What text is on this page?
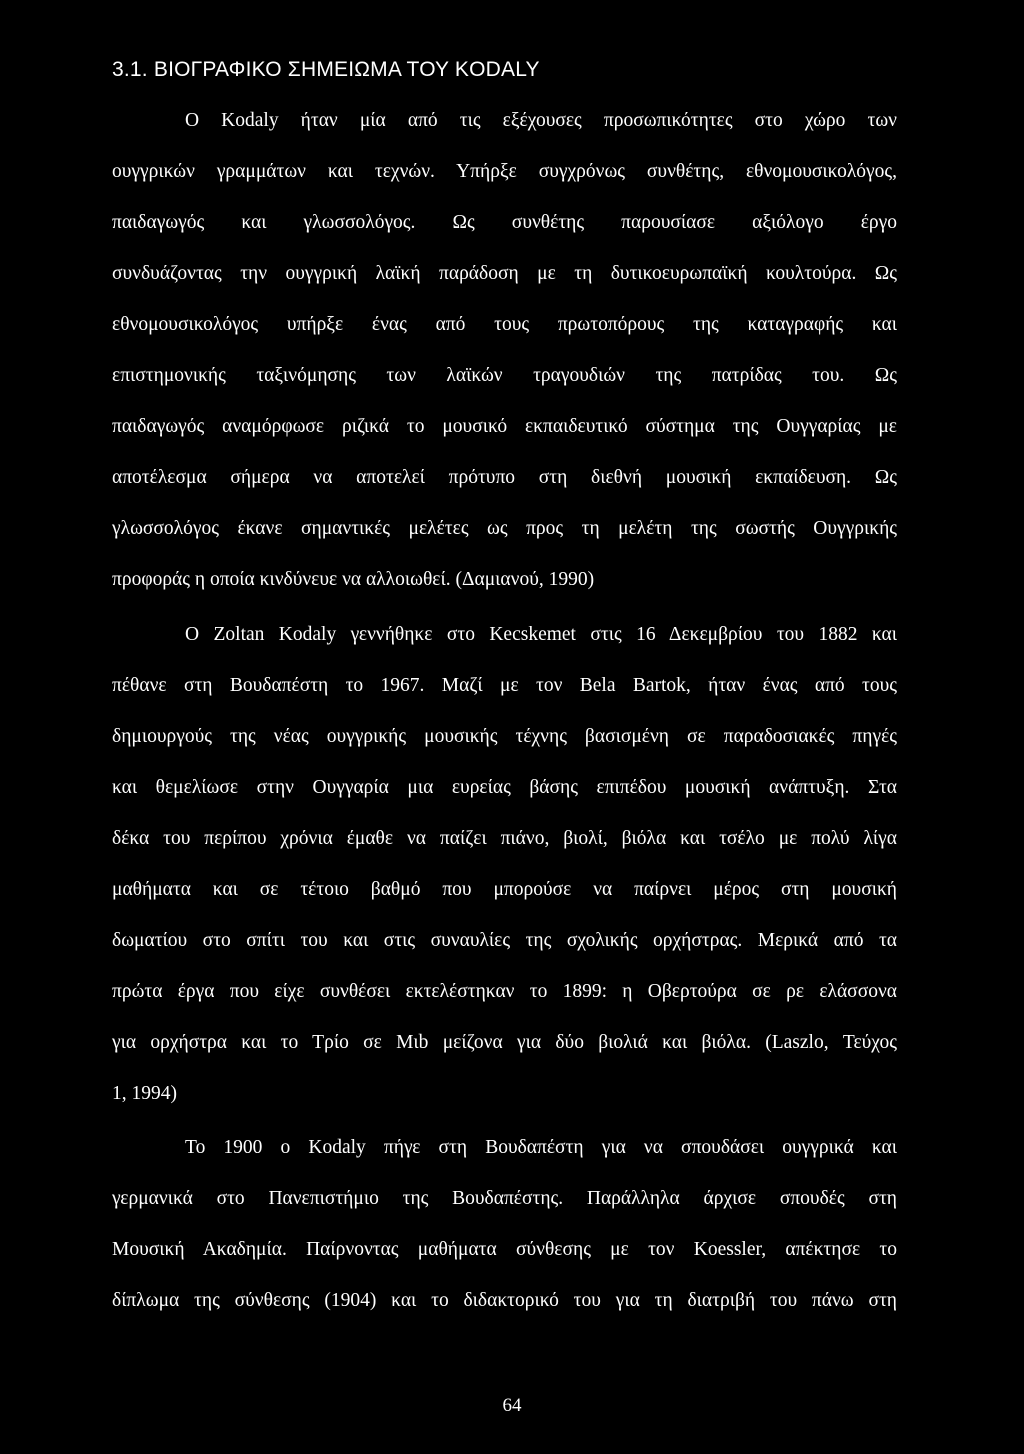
3.1. ΒΙΟΓΡΑΦΙΚΟ ΣΗΜΕΙΩΜΑ ΤΟΥ KODALY
Ο Kodaly ήταν μία από τις εξέχουσες προσωπικότητες στο χώρο των
ουγγρικών γραμμάτων και τεχνών. Υπήρξε συγχρόνως συνθέτης, εθνομουσικολόγος,
παιδαγωγός και γλωσσολόγος. Ως συνθέτης παρουσίασε αξιόλογο έργο
συνδυάζοντας την ουγγρική λαϊκή παράδοση με τη δυτικοευρωπαϊκή κουλτούρα. Ως
εθνομουσικολόγος υπήρξε ένας από τους πρωτοπόρους της καταγραφής και
επιστημονικής ταξινόμησης των λαϊκών τραγουδιών της πατρίδας του. Ως
παιδαγωγός αναμόρφωσε ριζικά το μουσικό εκπαιδευτικό σύστημα της Ουγγαρίας με
αποτέλεσμα σήμερα να αποτελεί πρότυπο στη διεθνή μουσική εκπαίδευση. Ως
γλωσσολόγος έκανε σημαντικές μελέτες ως προς τη μελέτη της σωστής Ουγγρικής
προφοράς η οποία κινδύνευε να αλλοιωθεί. (Δαμιανού, 1990)
Ο Zoltan Kodaly γεννήθηκε στο Kecskemet στις 16 Δεκεμβρίου του 1882 και
πέθανε στη Βουδαπέστη το 1967. Μαζί με τον Bela Bartok, ήταν ένας από τους
δημιουργούς της νέας ουγγρικής μουσικής τέχνης βασισμένη σε παραδοσιακές πηγές
και θεμελίωσε στην Ουγγαρία μια ευρείας βάσης επιπέδου μουσική ανάπτυξη. Στα
δέκα του περίπου χρόνια έμαθε να παίζει πιάνο, βιολί, βιόλα και τσέλο με πολύ λίγα
μαθήματα και σε τέτοιο βαθμό που μπορούσε να παίρνει μέρος στη μουσική
δωματίου στο σπίτι του και στις συναυλίες της σχολικής ορχήστρας. Μερικά από τα
πρώτα έργα που είχε συνθέσει εκτελέστηκαν το 1899: η Οβερτούρα σε ρε ελάσσονα
για ορχήστρα και το Τρίο σε Μιb μείζονα για δύο βιολιά και βιόλα. (Laszlo, Τεύχος
1, 1994)
Το 1900 ο Kodaly πήγε στη Βουδαπέστη για να σπουδάσει ουγγρικά και
γερμανικά στο Πανεπιστήμιο της Βουδαπέστης. Παράλληλα άρχισε σπουδές στη
Μουσική Ακαδημία. Παίρνοντας μαθήματα σύνθεσης με τον Koessler, απέκτησε το
δίπλωμα της σύνθεσης (1904) και το διδακτορικό του για τη διατριβή του πάνω στη
64
